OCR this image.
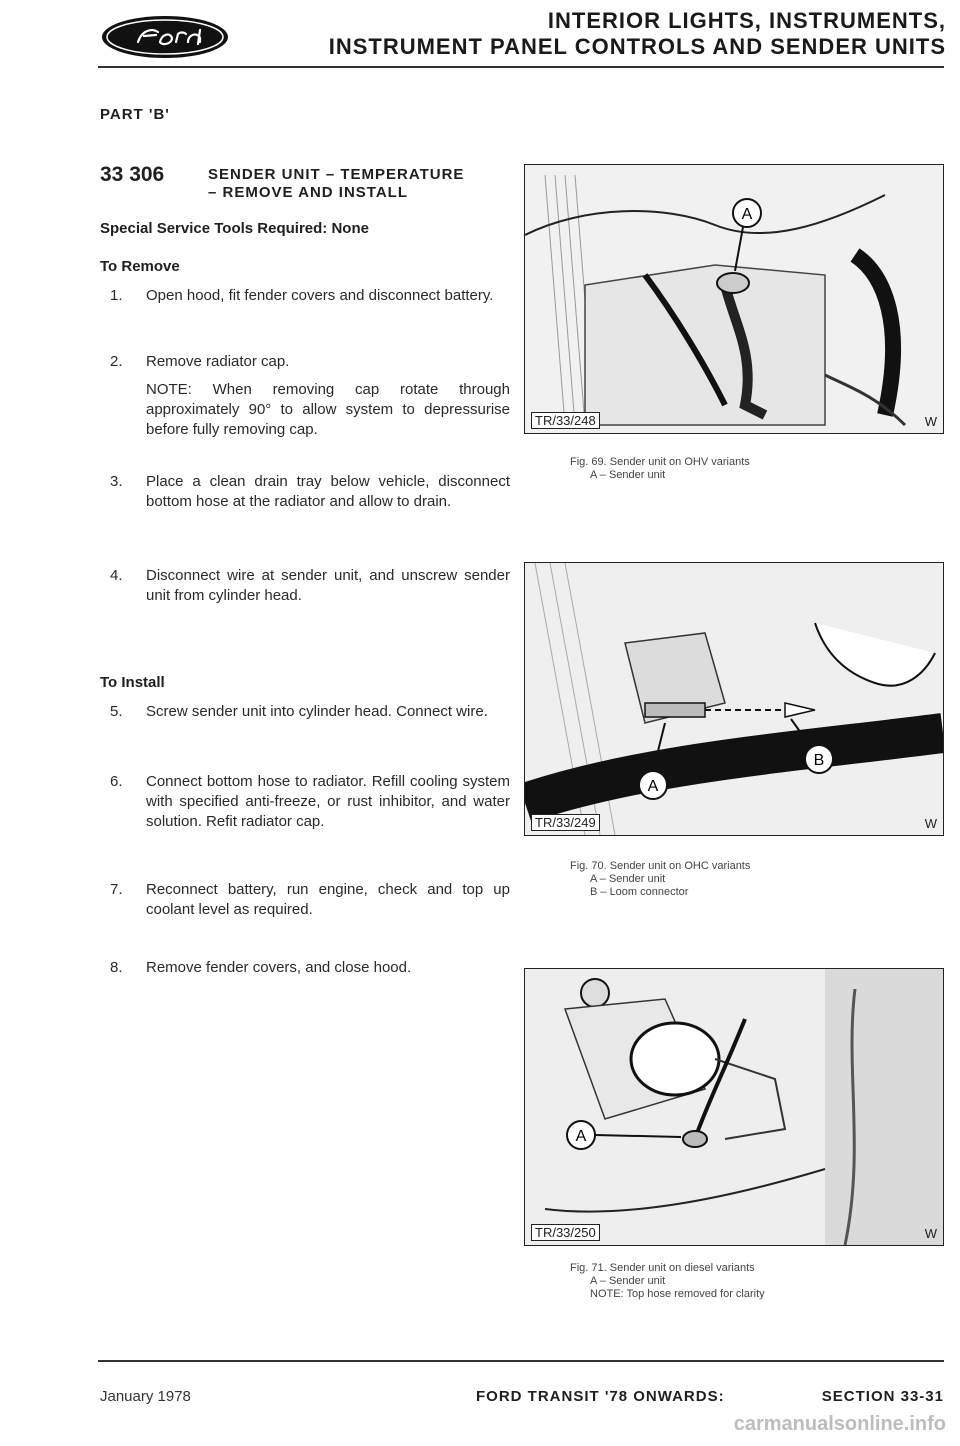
INTERIOR LIGHTS, INSTRUMENTS,
INSTRUMENT PANEL CONTROLS AND SENDER UNITS
PART 'B'
33 306	SENDER UNIT – TEMPERATURE
– REMOVE AND INSTALL
Special Service Tools Required: None
To Remove
1.	Open hood, fit fender covers and disconnect battery.
2.	Remove radiator cap.
NOTE: When removing cap rotate through approximately 90° to allow system to depressurise before fully removing cap.
3.	Place a clean drain tray below vehicle, disconnect bottom hose at the radiator and allow to drain.
4.	Disconnect wire at sender unit, and unscrew sender unit from cylinder head.
To Install
5.	Screw sender unit into cylinder head. Connect wire.
6.	Connect bottom hose to radiator. Refill cooling system with specified anti-freeze, or rust inhibitor, and water solution. Refit radiator cap.
7.	Reconnect battery, run engine, check and top up coolant level as required.
8.	Remove fender covers, and close hood.
A
TR/33/248	W
Fig. 69. Sender unit on OHV variants
A – Sender unit
A
B
TR/33/249	W
Fig. 70. Sender unit on OHC variants
A – Sender unit
B – Loom connector
A
TR/33/250	W
Fig. 71. Sender unit on diesel variants
A – Sender unit
NOTE: Top hose removed for clarity
January 1978	FORD TRANSIT '78 ONWARDS:	SECTION 33-31
carmanualsonline.info
